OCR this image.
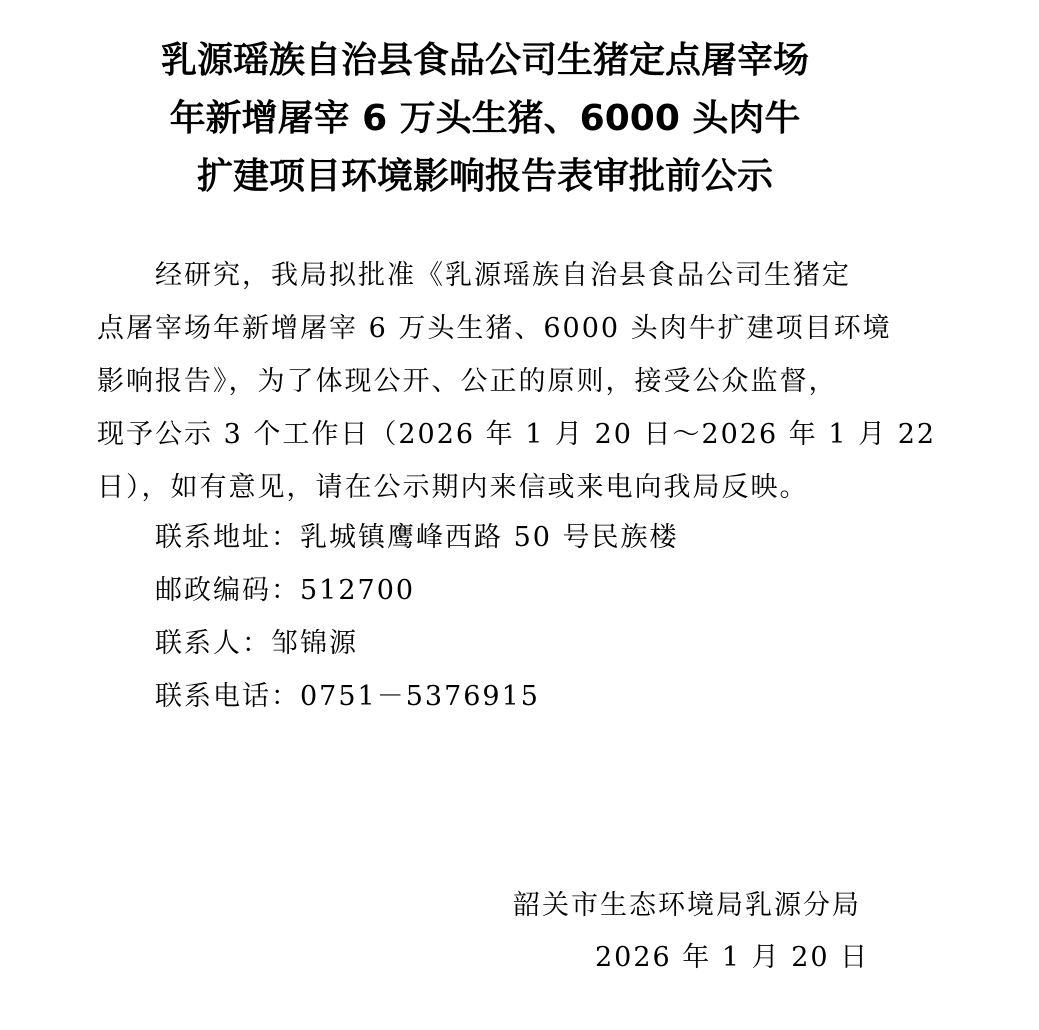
乳源瑶族自治县食品公司生猪定点屠宰场
年新增屠宰 6 万头生猪、6000 头肉牛
扩建项目环境影响报告表审批前公示

经研究，我局拟批准《乳源瑶族自治县食品公司生猪定

点屠宰场年新增屠宰 6 万头生猪、6000 头肉牛扩建项目环境

影响报告》，为了体现公开、公正的原则，接受公众监督，

现予公示 3 个工作日（2026 年 1 月 20 日～2026 年 1 月 22

日），如有意见，请在公示期内来信或来电向我局反映。

联系地址：乳城镇鹰峰西路 50 号民族楼

邮政编码：512700

联系人：邹锦源

联系电话：0751－5376915

韶关市生态环境局乳源分局

2026 年 1 月 20 日
